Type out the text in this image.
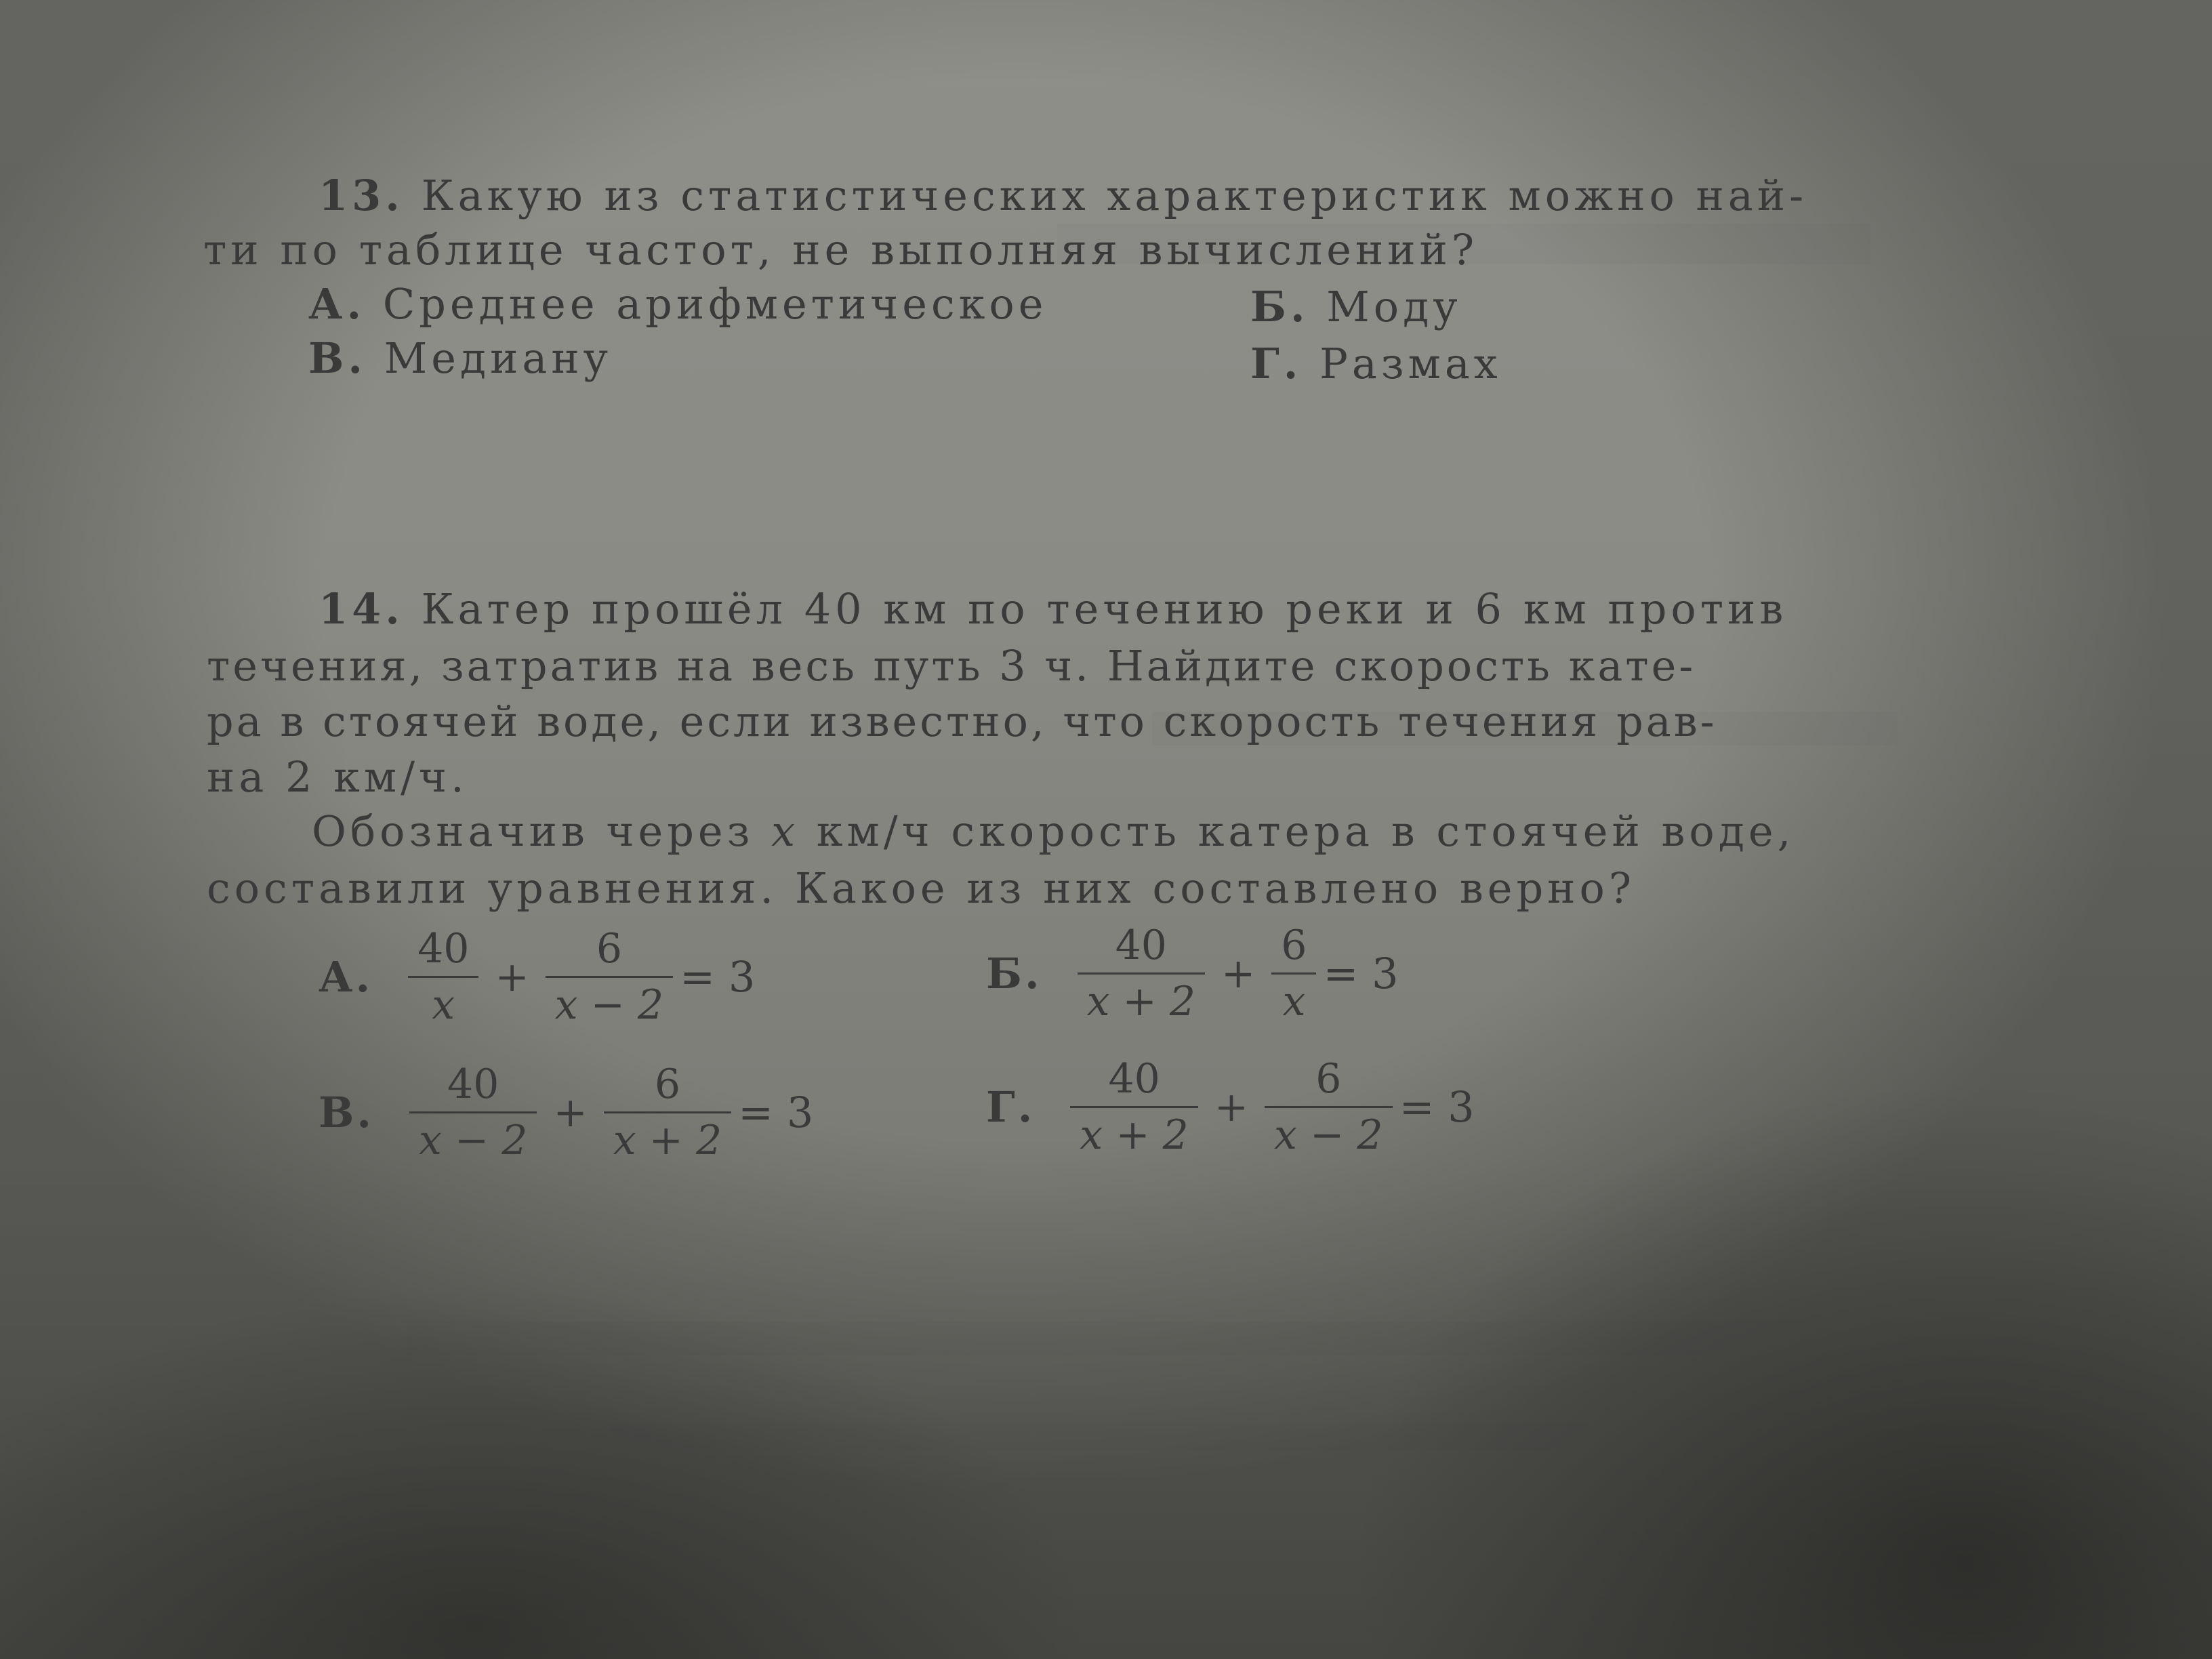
13. Какую из статистических характеристик можно най-
ти по таблице частот, не выполняя вычислений?
А. Среднее арифметическое	Б. Моду
В. Медиану	Г. Размах
14. Катер прошёл 40 км по течению реки и 6 км против
течения, затратив на весь путь 3 ч. Найдите скорость кате-
ра в стоячей воде, если известно, что скорость течения рав-
на 2 км/ч.
Обозначив через x км/ч скорость катера в стоячей воде,
составили уравнения. Какое из них составлено верно?
А. $\frac{40}{x} + \frac{6}{x - 2} = 3$	Б. $\frac{40}{x + 2} + \frac{6}{x} = 3$
В. $\frac{40}{x - 2} + \frac{6}{x + 2} = 3$	Г. $\frac{40}{x + 2} + \frac{6}{x - 2} = 3$
